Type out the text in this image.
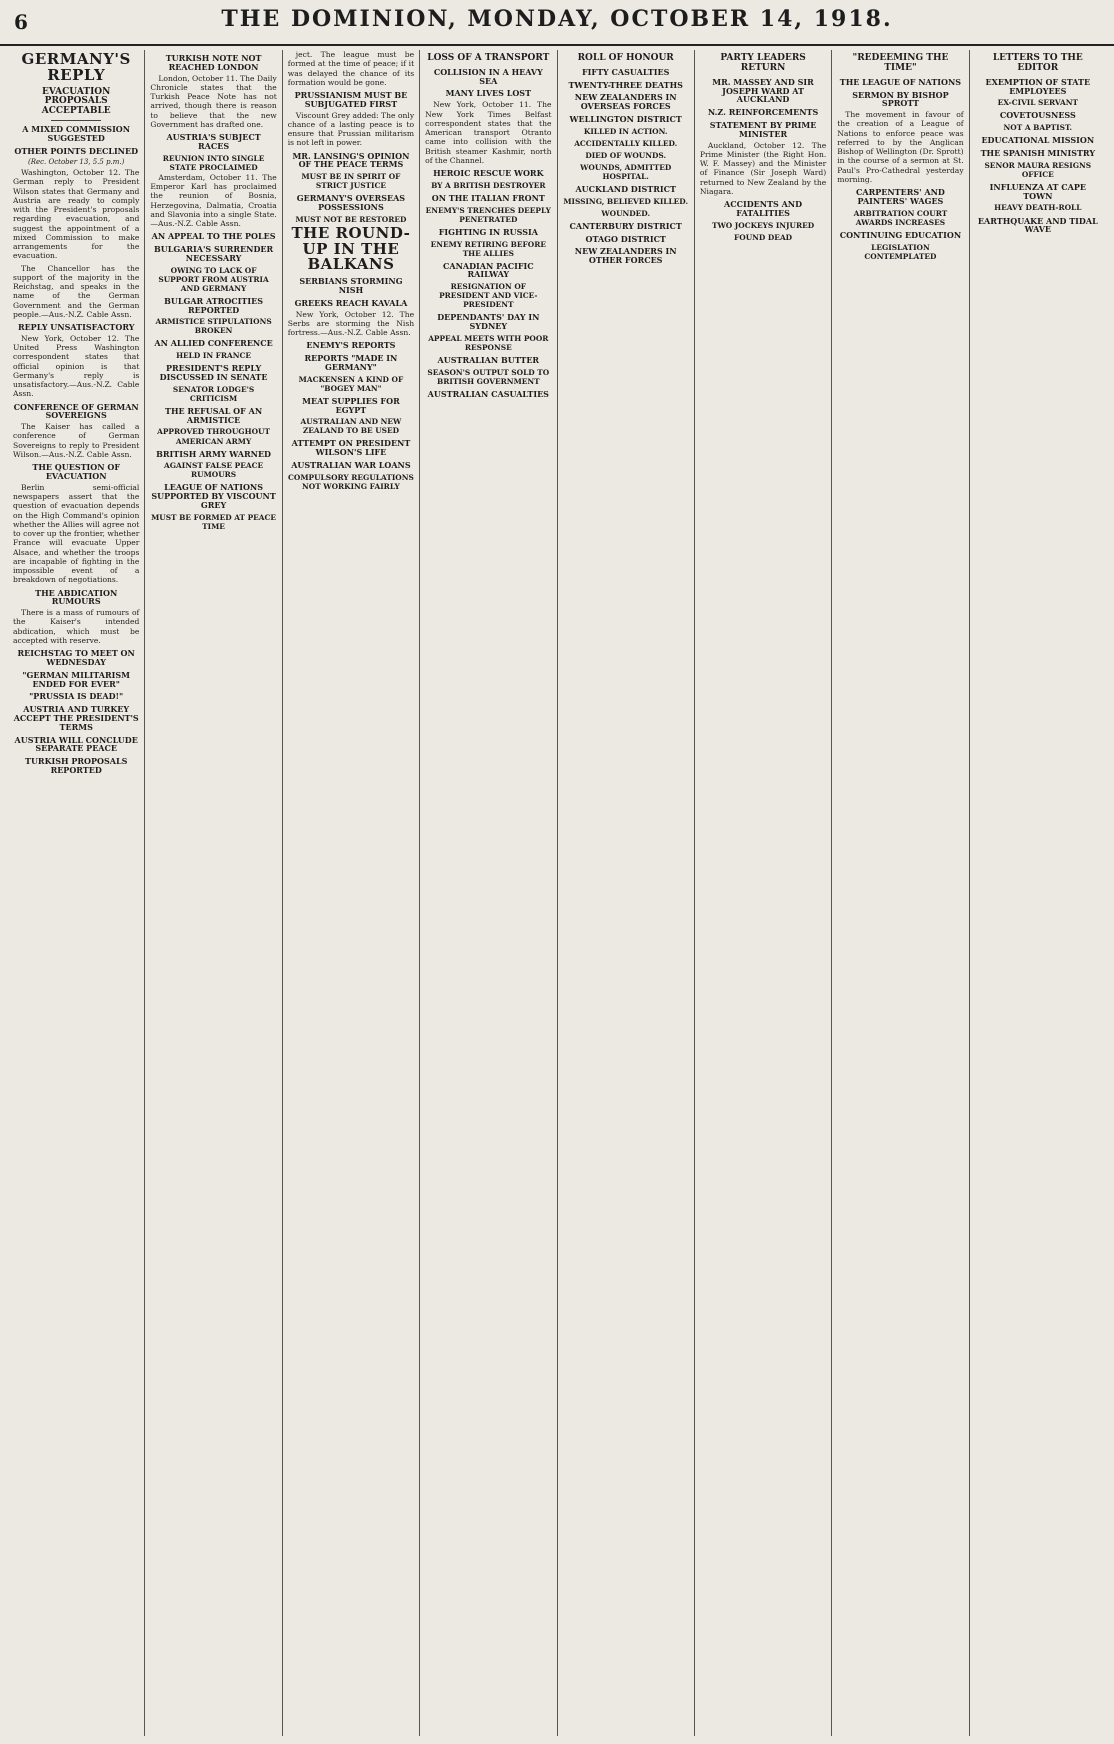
6	THE DOMINION, MONDAY, OCTOBER 14, 1918.
GERMANY'S REPLY
EVACUATION PROPOSALS ACCEPTABLE
A MIXED COMMISSION SUGGESTED
OTHER POINTS DECLINED
(Rec. October 13, 5.5 p.m.)

Washington, October 12. The German reply to President Wilson states that Germany and Austria are ready to comply with the President's proposals regarding evacuation, and suggest the appointment of a mixed Commission to make arrangements for the evacuation.

The Chancellor has the support of the majority in the Reichstag, and speaks in the name of the German Government and the German people.—Aus.-N.Z. Cable Assn.

REPLY UNSATISFACTORY

New York, October 12. The United Press Washington correspondent states that official opinion is that Germany's reply is unsatisfactory.—Aus.-N.Z. Cable Assn.

CONFERENCE OF GERMAN SOVEREIGNS

The Kaiser has called a conference of German Sovereigns to reply to President Wilson.—Aus.-N.Z. Cable Assn.

THE QUESTION OF EVACUATION

Berlin semi-official newspapers assert that the question of evacuation depends on the High Command's opinion whether the Allies will agree not to cover up the frontier, whether France will evacuate Upper Alsace, and whether the troops are incapable of fighting in the impossible event of a breakdown of negotiations.

THE ABDICATION RUMOURS

There is a mass of rumours of the Kaiser's intended abdication, which must be accepted with reserve.

REICHSTAG TO MEET ON WEDNESDAY
"GERMAN MILITARISM ENDED FOR EVER"
"PRUSSIA IS DEAD!"
AUSTRIA AND TURKEY ACCEPT THE PRESIDENT'S TERMS
AUSTRIA WILL CONCLUDE SEPARATE PEACE
TURKISH PROPOSALS REPORTED
TURKISH NOTE NOT REACHED LONDON

London, October 11. The Daily Chronicle states that the Turkish Peace Note has not arrived, though there is reason to believe that the new Government has drafted one.

AUSTRIA'S SUBJECT RACES
REUNION INTO SINGLE STATE PROCLAIMED

Amsterdam, October 11. The Emperor Karl has proclaimed the reunion of Bosnia, Herzegovina, Dalmatia, Croatia and Slavonia into a single State.—Aus.-N.Z. Cable Assn.

AN APPEAL TO THE POLES
BULGARIA'S SURRENDER NECESSARY
OWING TO LACK OF SUPPORT FROM AUSTRIA AND GERMANY
BULGAR ATROCITIES REPORTED
ARMISTICE STIPULATIONS BROKEN
AN ALLIED CONFERENCE
HELD IN FRANCE
PRESIDENT'S REPLY DISCUSSED IN SENATE
SENATOR LODGE'S CRITICISM
THE REFUSAL OF AN ARMISTICE
APPROVED THROUGHOUT AMERICAN ARMY
BRITISH ARMY WARNED
AGAINST FALSE PEACE RUMOURS
LEAGUE OF NATIONS SUPPORTED BY VISCOUNT GREY
MUST BE FORMED AT PEACE TIME

ject. The league must be formed at the time of peace; if it was delayed the chance of its formation would be gone.

PRUSSIANISM MUST BE SUBJUGATED FIRST

Viscount Grey added: The only chance of a lasting peace is to ensure that Prussian militarism is not left in power.

MR. LANSING'S OPINION OF THE PEACE TERMS
MUST BE IN SPIRIT OF STRICT JUSTICE
GERMANY'S OVERSEAS POSSESSIONS
MUST NOT BE RESTORED
THE ROUND-UP IN THE BALKANS
SERBIANS STORMING NISH
GREEKS REACH KAVALA

New York, October 12. The Serbs are storming the Nish fortress.—Aus.-N.Z. Cable Assn.

ENEMY'S REPORTS
REPORTS "MADE IN GERMANY"
MACKENSEN A KIND OF "BOGEY MAN"
MEAT SUPPLIES FOR EGYPT
AUSTRALIAN AND NEW ZEALAND TO BE USED
ATTEMPT ON PRESIDENT WILSON'S LIFE
AUSTRALIAN WAR LOANS
COMPULSORY REGULATIONS NOT WORKING FAIRLY
LOSS OF A TRANSPORT
COLLISION IN A HEAVY SEA
MANY LIVES LOST

New York, October 11. The New York Times Belfast correspondent states that the American transport Otranto came into collision with the British steamer Kashmir, north of the Channel.

HEROIC RESCUE WORK
BY A BRITISH DESTROYER
ON THE ITALIAN FRONT
ENEMY'S TRENCHES DEEPLY PENETRATED
FIGHTING IN RUSSIA
ENEMY RETIRING BEFORE THE ALLIES
CANADIAN PACIFIC RAILWAY
RESIGNATION OF PRESIDENT AND VICE-PRESIDENT
DEPENDANTS' DAY IN SYDNEY
APPEAL MEETS WITH POOR RESPONSE
AUSTRALIAN BUTTER
SEASON'S OUTPUT SOLD TO BRITISH GOVERNMENT
AUSTRALIAN CASUALTIES
ROLL OF HONOUR
FIFTY CASUALTIES
TWENTY-THREE DEATHS
NEW ZEALANDERS IN OVERSEAS FORCES
WELLINGTON DISTRICT
KILLED IN ACTION.
ACCIDENTALLY KILLED.
DIED OF WOUNDS.
WOUNDS, ADMITTED HOSPITAL.
AUCKLAND DISTRICT
MISSING, BELIEVED KILLED.
WOUNDED.
CANTERBURY DISTRICT
OTAGO DISTRICT
NEW ZEALANDERS IN OTHER FORCES
PARTY LEADERS RETURN
MR. MASSEY AND SIR JOSEPH WARD AT AUCKLAND
N.Z. REINFORCEMENTS
STATEMENT BY PRIME MINISTER

Auckland, October 12. The Prime Minister (the Right Hon. W. F. Massey) and the Minister of Finance (Sir Joseph Ward) returned to New Zealand by the Niagara.

ACCIDENTS AND FATALITIES
TWO JOCKEYS INJURED
FOUND DEAD
"REDEEMING THE TIME"
THE LEAGUE OF NATIONS
SERMON BY BISHOP SPROTT

The movement in favour of the creation of a League of Nations to enforce peace was referred to by the Anglican Bishop of Wellington (Dr. Sprott) in the course of a sermon at St. Paul's Pro-Cathedral yesterday morning.

CARPENTERS' AND PAINTERS' WAGES
ARBITRATION COURT AWARDS INCREASES
CONTINUING EDUCATION
LEGISLATION CONTEMPLATED
LETTERS TO THE EDITOR
EXEMPTION OF STATE EMPLOYEES
EX-CIVIL SERVANT
COVETOUSNESS
NOT A BAPTIST.
EDUCATIONAL MISSION
THE SPANISH MINISTRY
SENOR MAURA RESIGNS OFFICE
INFLUENZA AT CAPE TOWN
HEAVY DEATH-ROLL
EARTHQUAKE AND TIDAL WAVE
